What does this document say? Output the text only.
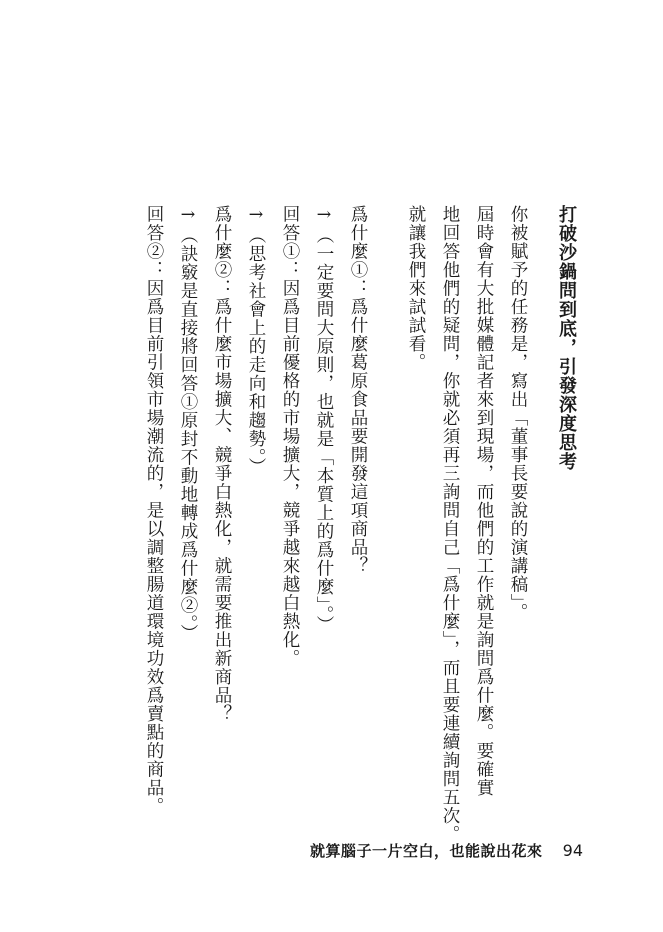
打破沙鍋問到底，引發深度思考
你被賦予的任務是，寫出「董事長要說的演講稿」。
屆時會有大批媒體記者來到現場，而他們的工作就是詢問爲什麼。要確實
地回答他們的疑問，你就必須再三詢問自己「爲什麼」，而且要連續詢問五次。
就讓我們來試試看。
爲什麼①：爲什麼葛原食品要開發這項商品？
→（一定要問大原則，也就是「本質上的爲什麼」。）
回答①：因爲目前優格的市場擴大，競爭越來越白熱化。
→（思考社會上的走向和趨勢。）
爲什麼②：爲什麼市場擴大、競爭白熱化，就需要推出新商品？
→（訣竅是直接將回答①原封不動地轉成爲什麼②。）
回答②：因爲目前引領市場潮流的，是以調整腸道環境功效爲賣點的商品。
就算腦子一片空白，也能說出花來 94
